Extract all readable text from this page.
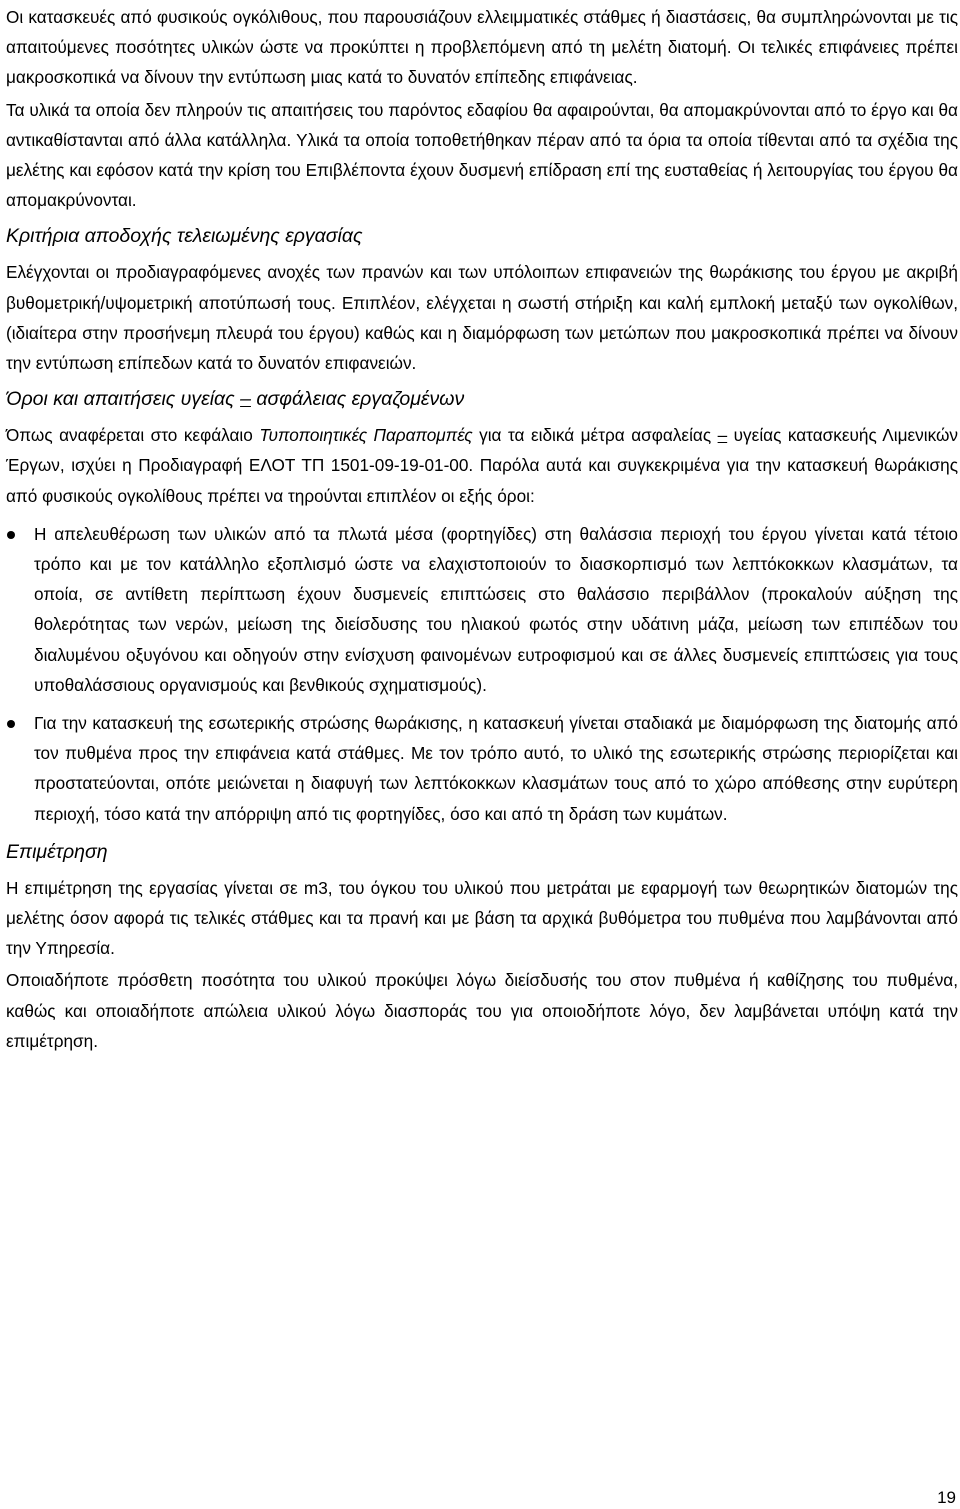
Οι κατασκευές από φυσικούς ογκόλιθους, που παρουσιάζουν ελλειμματικές στάθμες ή διαστάσεις, θα συμπληρώνονται με τις απαιτούμενες ποσότητες υλικών ώστε να προκύπτει η προβλεπόμενη από τη μελέτη διατομή. Οι τελικές επιφάνειες πρέπει μακροσκοπικά να δίνουν την εντύπωση μιας κατά το δυνατόν επίπεδης επιφάνειας.

Τα υλικά τα οποία δεν πληρούν τις απαιτήσεις του παρόντος εδαφίου θα αφαιρούνται, θα απομακρύνονται από το έργο και θα αντικαθίστανται από άλλα κατάλληλα. Υλικά τα οποία τοποθετήθηκαν πέραν από τα όρια τα οποία τίθενται από τα σχέδια της μελέτης και εφόσον κατά την κρίση του Επιβλέποντα έχουν δυσμενή επίδραση επί της ευσταθείας ή λειτουργίας του έργου θα απομακρύνονται.

Κριτήρια αποδοχής τελειωμένης εργασίας

Ελέγχονται οι προδιαγραφόμενες ανοχές των πρανών και των υπόλοιπων επιφανειών της θωράκισης του έργου με ακριβή βυθομετρική/υψομετρική αποτύπωσή τους. Επιπλέον, ελέγχεται η σωστή στήριξη και καλή εμπλοκή μεταξύ των ογκολίθων, (ιδιαίτερα στην προσήνεμη πλευρά του έργου) καθώς και η διαμόρφωση των μετώπων που μακροσκοπικά πρέπει να δίνουν την εντύπωση επίπεδων κατά το δυνατόν επιφανειών.

Όροι και απαιτήσεις υγείας – ασφάλειας εργαζομένων

Όπως αναφέρεται στο κεφάλαιο Τυποποιητικές Παραπομπές για τα ειδικά μέτρα ασφαλείας – υγείας κατασκευής Λιμενικών Έργων, ισχύει η Προδιαγραφή ΕΛΟΤ ΤΠ 1501-09-19-01-00. Παρόλα αυτά και συγκεκριμένα για την κατασκευή θωράκισης από φυσικούς ογκολίθους πρέπει να τηρούνται επιπλέον οι εξής όροι:

Η απελευθέρωση των υλικών από τα πλωτά μέσα (φορτηγίδες) στη θαλάσσια περιοχή του έργου γίνεται κατά τέτοιο τρόπο και με τον κατάλληλο εξοπλισμό ώστε να ελαχιστοποιούν το διασκορπισμό των λεπτόκοκκων κλασμάτων, τα οποία, σε αντίθετη περίπτωση έχουν δυσμενείς επιπτώσεις στο θαλάσσιο περιβάλλον (προκαλούν αύξηση της θολερότητας των νερών, μείωση της διείσδυσης του ηλιακού φωτός στην υδάτινη μάζα, μείωση των επιπέδων του διαλυμένου οξυγόνου και οδηγούν στην ενίσχυση φαινομένων ευτροφισμού και σε άλλες δυσμενείς επιπτώσεις για τους υποθαλάσσιους οργανισμούς και βενθικούς σχηματισμούς).
Για την κατασκευή της εσωτερικής στρώσης θωράκισης, η κατασκευή γίνεται σταδιακά με διαμόρφωση της διατομής από τον πυθμένα προς την επιφάνεια κατά στάθμες. Με τον τρόπο αυτό, το υλικό της εσωτερικής στρώσης περιορίζεται και προστατεύονται, οπότε μειώνεται η διαφυγή των λεπτόκοκκων κλασμάτων τους από το χώρο απόθεσης στην ευρύτερη περιοχή, τόσο κατά την απόρριψη από τις φορτηγίδες, όσο και από τη δράση των κυμάτων.
Επιμέτρηση

Η επιμέτρηση της εργασίας γίνεται σε m3, του όγκου του υλικού που μετράται με εφαρμογή των θεωρητικών διατομών της μελέτης όσον αφορά τις τελικές στάθμες και τα πρανή και με βάση τα αρχικά βυθόμετρα του πυθμένα που λαμβάνονται από την Υπηρεσία.

Οποιαδήποτε πρόσθετη ποσότητα του υλικού προκύψει λόγω διείσδυσής του στον πυθμένα ή καθίζησης του πυθμένα, καθώς και οποιαδήποτε απώλεια υλικού λόγω διασποράς του για οποιοδήποτε λόγο, δεν λαμβάνεται υπόψη κατά την επιμέτρηση.

19
